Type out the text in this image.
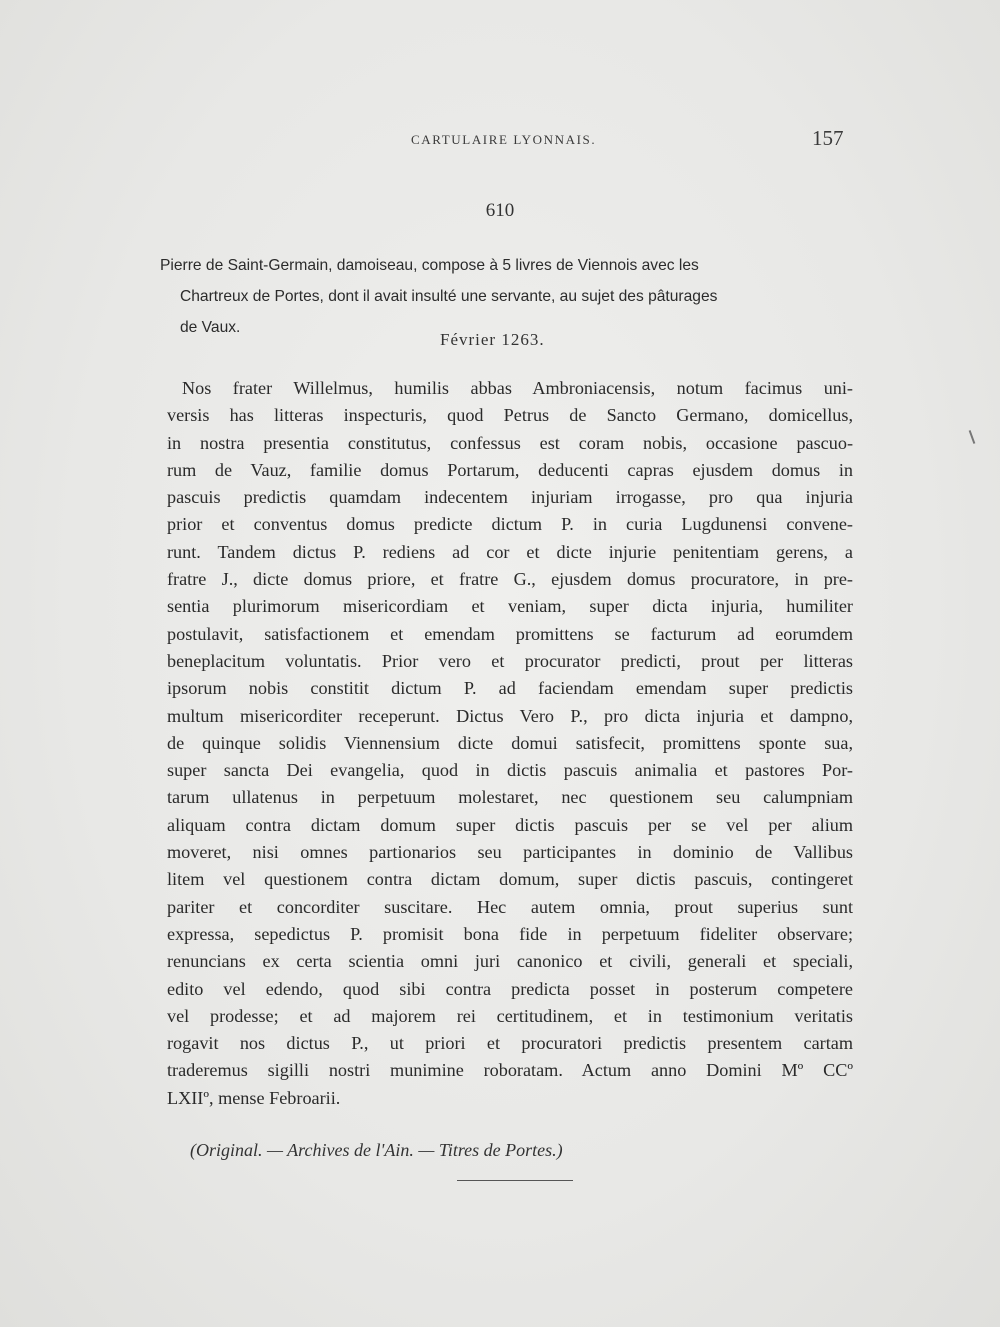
CARTULAIRE LYONNAIS.	157
610
Pierre de Saint-Germain, damoiseau, compose à 5 livres de Viennois avec les
Chartreux de Portes, dont il avait insulté une servante, au sujet des pâturages
de Vaux.
Février 1263.
Nos frater Willelmus, humilis abbas Ambroniacensis, notum facimus uni-
versis has litteras inspecturis, quod Petrus de Sancto Germano, domicellus,
in nostra presentia constitutus, confessus est coram nobis, occasione pascuo-
rum de Vauz, familie domus Portarum, deducenti capras ejusdem domus in
pascuis predictis quamdam indecentem injuriam irrogasse, pro qua injuria
prior et conventus domus predicte dictum P. in curia Lugdunensi convene-
runt. Tandem dictus P. rediens ad cor et dicte injurie penitentiam gerens, a
fratre J., dicte domus priore, et fratre G., ejusdem domus procuratore, in pre-
sentia plurimorum misericordiam et veniam, super dicta injuria, humiliter
postulavit, satisfactionem et emendam promittens se facturum ad eorumdem
beneplacitum voluntatis. Prior vero et procurator predicti, prout per litteras
ipsorum nobis constitit dictum P. ad faciendam emendam super predictis
multum misericorditer receperunt. Dictus Vero P., pro dicta injuria et dampno,
de quinque solidis Viennensium dicte domui satisfecit, promittens sponte sua,
super sancta Dei evangelia, quod in dictis pascuis animalia et pastores Por-
tarum ullatenus in perpetuum molestaret, nec questionem seu calumpniam
aliquam contra dictam domum super dictis pascuis per se vel per alium
moveret, nisi omnes partionarios seu participantes in dominio de Vallibus
litem vel questionem contra dictam domum, super dictis pascuis, contingeret
pariter et concorditer suscitare. Hec autem omnia, prout superius sunt
expressa, sepedictus P. promisit bona fide in perpetuum fideliter observare;
renuncians ex certa scientia omni juri canonico et civili, generali et speciali,
edito vel edendo, quod sibi contra predicta posset in posterum competere
vel prodesse; et ad majorem rei certitudinem, et in testimonium veritatis
rogavit nos dictus P., ut priori et procuratori predictis presentem cartam
traderemus sigilli nostri munimine roboratam. Actum anno Domini Mº CCº
LXIIº, mense Febroarii.
(Original. — Archives de l'Ain. — Titres de Portes.)
